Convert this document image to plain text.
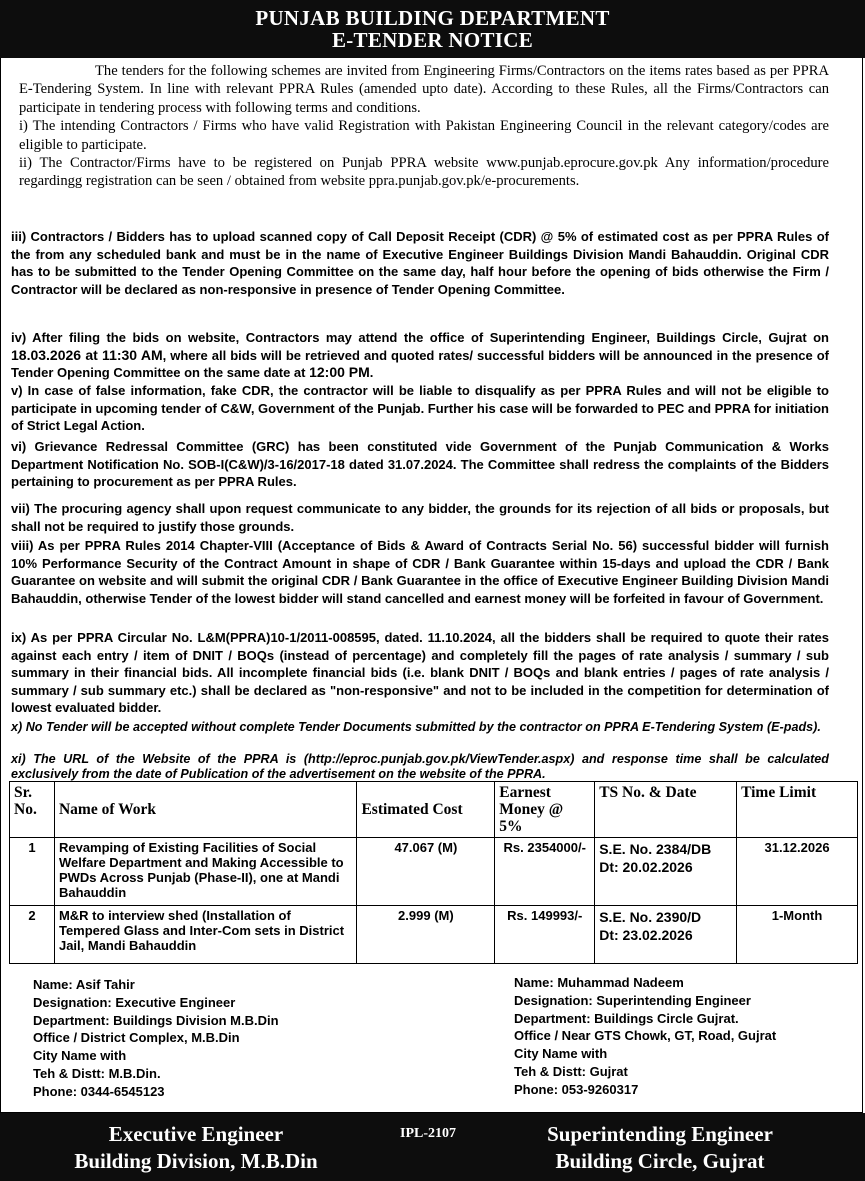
PUNJAB BUILDING DEPARTMENT
E-TENDER NOTICE

The tenders for the following schemes are invited from Engineering Firms/Contractors on the items rates based as per PPRA E-Tendering System. In line with relevant PPRA Rules (amended upto date). According to these Rules, all the Firms/Contractors can participate in tendering process with following terms and conditions.

i) The intending Contractors / Firms who have valid Registration with Pakistan Engineering Council in the relevant category/codes are eligible to participate.

ii) The Contractor/Firms have to be registered on Punjab PPRA website www.punjab.eprocure.gov.pk Any information/procedure regardingg registration can be seen / obtained from website ppra.punjab.gov.pk/e-procurements.

iii) Contractors / Bidders has to upload scanned copy of Call Deposit Receipt (CDR) @ 5% of estimated cost as per PPRA Rules of the from any scheduled bank and must be in the name of Executive Engineer Buildings Division Mandi Bahauddin. Original CDR has to be submitted to the Tender Opening Committee on the same day, half hour before the opening of bids otherwise the Firm / Contractor will be declared as non-responsive in presence of Tender Opening Committee.

iv) After filing the bids on website, Contractors may attend the office of Superintending Engineer, Buildings Circle, Gujrat on 18.03.2026 at 11:30 AM, where all bids will be retrieved and quoted rates/ successful bidders will be announced in the presence of Tender Opening Committee on the same date at 12:00 PM.

v) In case of false information, fake CDR, the contractor will be liable to disqualify as per PPRA Rules and will not be eligible to participate in upcoming tender of C&W, Government of the Punjab. Further his case will be forwarded to PEC and PPRA for initiation of Strict Legal Action.

vi) Grievance Redressal Committee (GRC) has been constituted vide Government of the Punjab Communication & Works Department Notification No. SOB-I(C&W)/3-16/2017-18 dated 31.07.2024. The Committee shall redress the complaints of the Bidders pertaining to procurement as per PPRA Rules.

vii) The procuring agency shall upon request communicate to any bidder, the grounds for its rejection of all bids or proposals, but shall not be required to justify those grounds.

viii) As per PPRA Rules 2014 Chapter-VIII (Acceptance of Bids & Award of Contracts Serial No. 56) successful bidder will furnish 10% Performance Security of the Contract Amount in shape of CDR / Bank Guarantee within 15-days and upload the CDR / Bank Guarantee on website and will submit the original CDR / Bank Guarantee in the office of Executive Engineer Building Division Mandi Bahauddin, otherwise Tender of the lowest bidder will stand cancelled and earnest money will be forfeited in favour of Government.

ix) As per PPRA Circular No. L&M(PPRA)10-1/2011-008595, dated. 11.10.2024, all the bidders shall be required to quote their rates against each entry / item of DNIT / BOQs (instead of percentage) and completely fill the pages of rate analysis / summary / sub summary in their financial bids. All incomplete financial bids (i.e. blank DNIT / BOQs and blank entries / pages of rate analysis / summary / sub summary etc.) shall be declared as "non-responsive" and not to be included in the competition for determination of lowest evaluated bidder.

x) No Tender will be accepted without complete Tender Documents submitted by the contractor on PPRA E-Tendering System (E-pads).

xi) The URL of the Website of the PPRA is (http://eproc.punjab.gov.pk/ViewTender.aspx) and response time shall be calculated exclusively from the date of Publication of the advertisement on the website of the PPRA.

Sr. No.	Name of Work	Estimated Cost	Earnest Money @ 5%	TS No. & Date	Time Limit
1	Revamping of Existing Facilities of Social Welfare Department and Making Accessible to PWDs Across Punjab (Phase-II), one at Mandi Bahauddin	47.067 (M)	Rs. 2354000/-	S.E. No. 2384/DB
Dt: 20.02.2026	31.12.2026
2	M&R to interview shed (Installation of Tempered Glass and Inter-Com sets in District Jail, Mandi Bahauddin	2.999 (M)	Rs. 149993/-	S.E. No. 2390/D
Dt: 23.02.2026	1-Month
Name: Asif Tahir
Designation: Executive Engineer
Department: Buildings Division M.B.Din
Office / District Complex, M.B.Din
City Name with
Teh & Distt: M.B.Din.
Phone: 0344-6545123
Name: Muhammad Nadeem
Designation: Superintending Engineer
Department: Buildings Circle Gujrat.
Office / Near GTS Chowk, GT, Road, Gujrat
City Name with
Teh & Distt: Gujrat
Phone: 053-9260317
Executive Engineer
Building Division, M.B.Din
IPL-2107	Superintending Engineer
Building Circle, Gujrat
